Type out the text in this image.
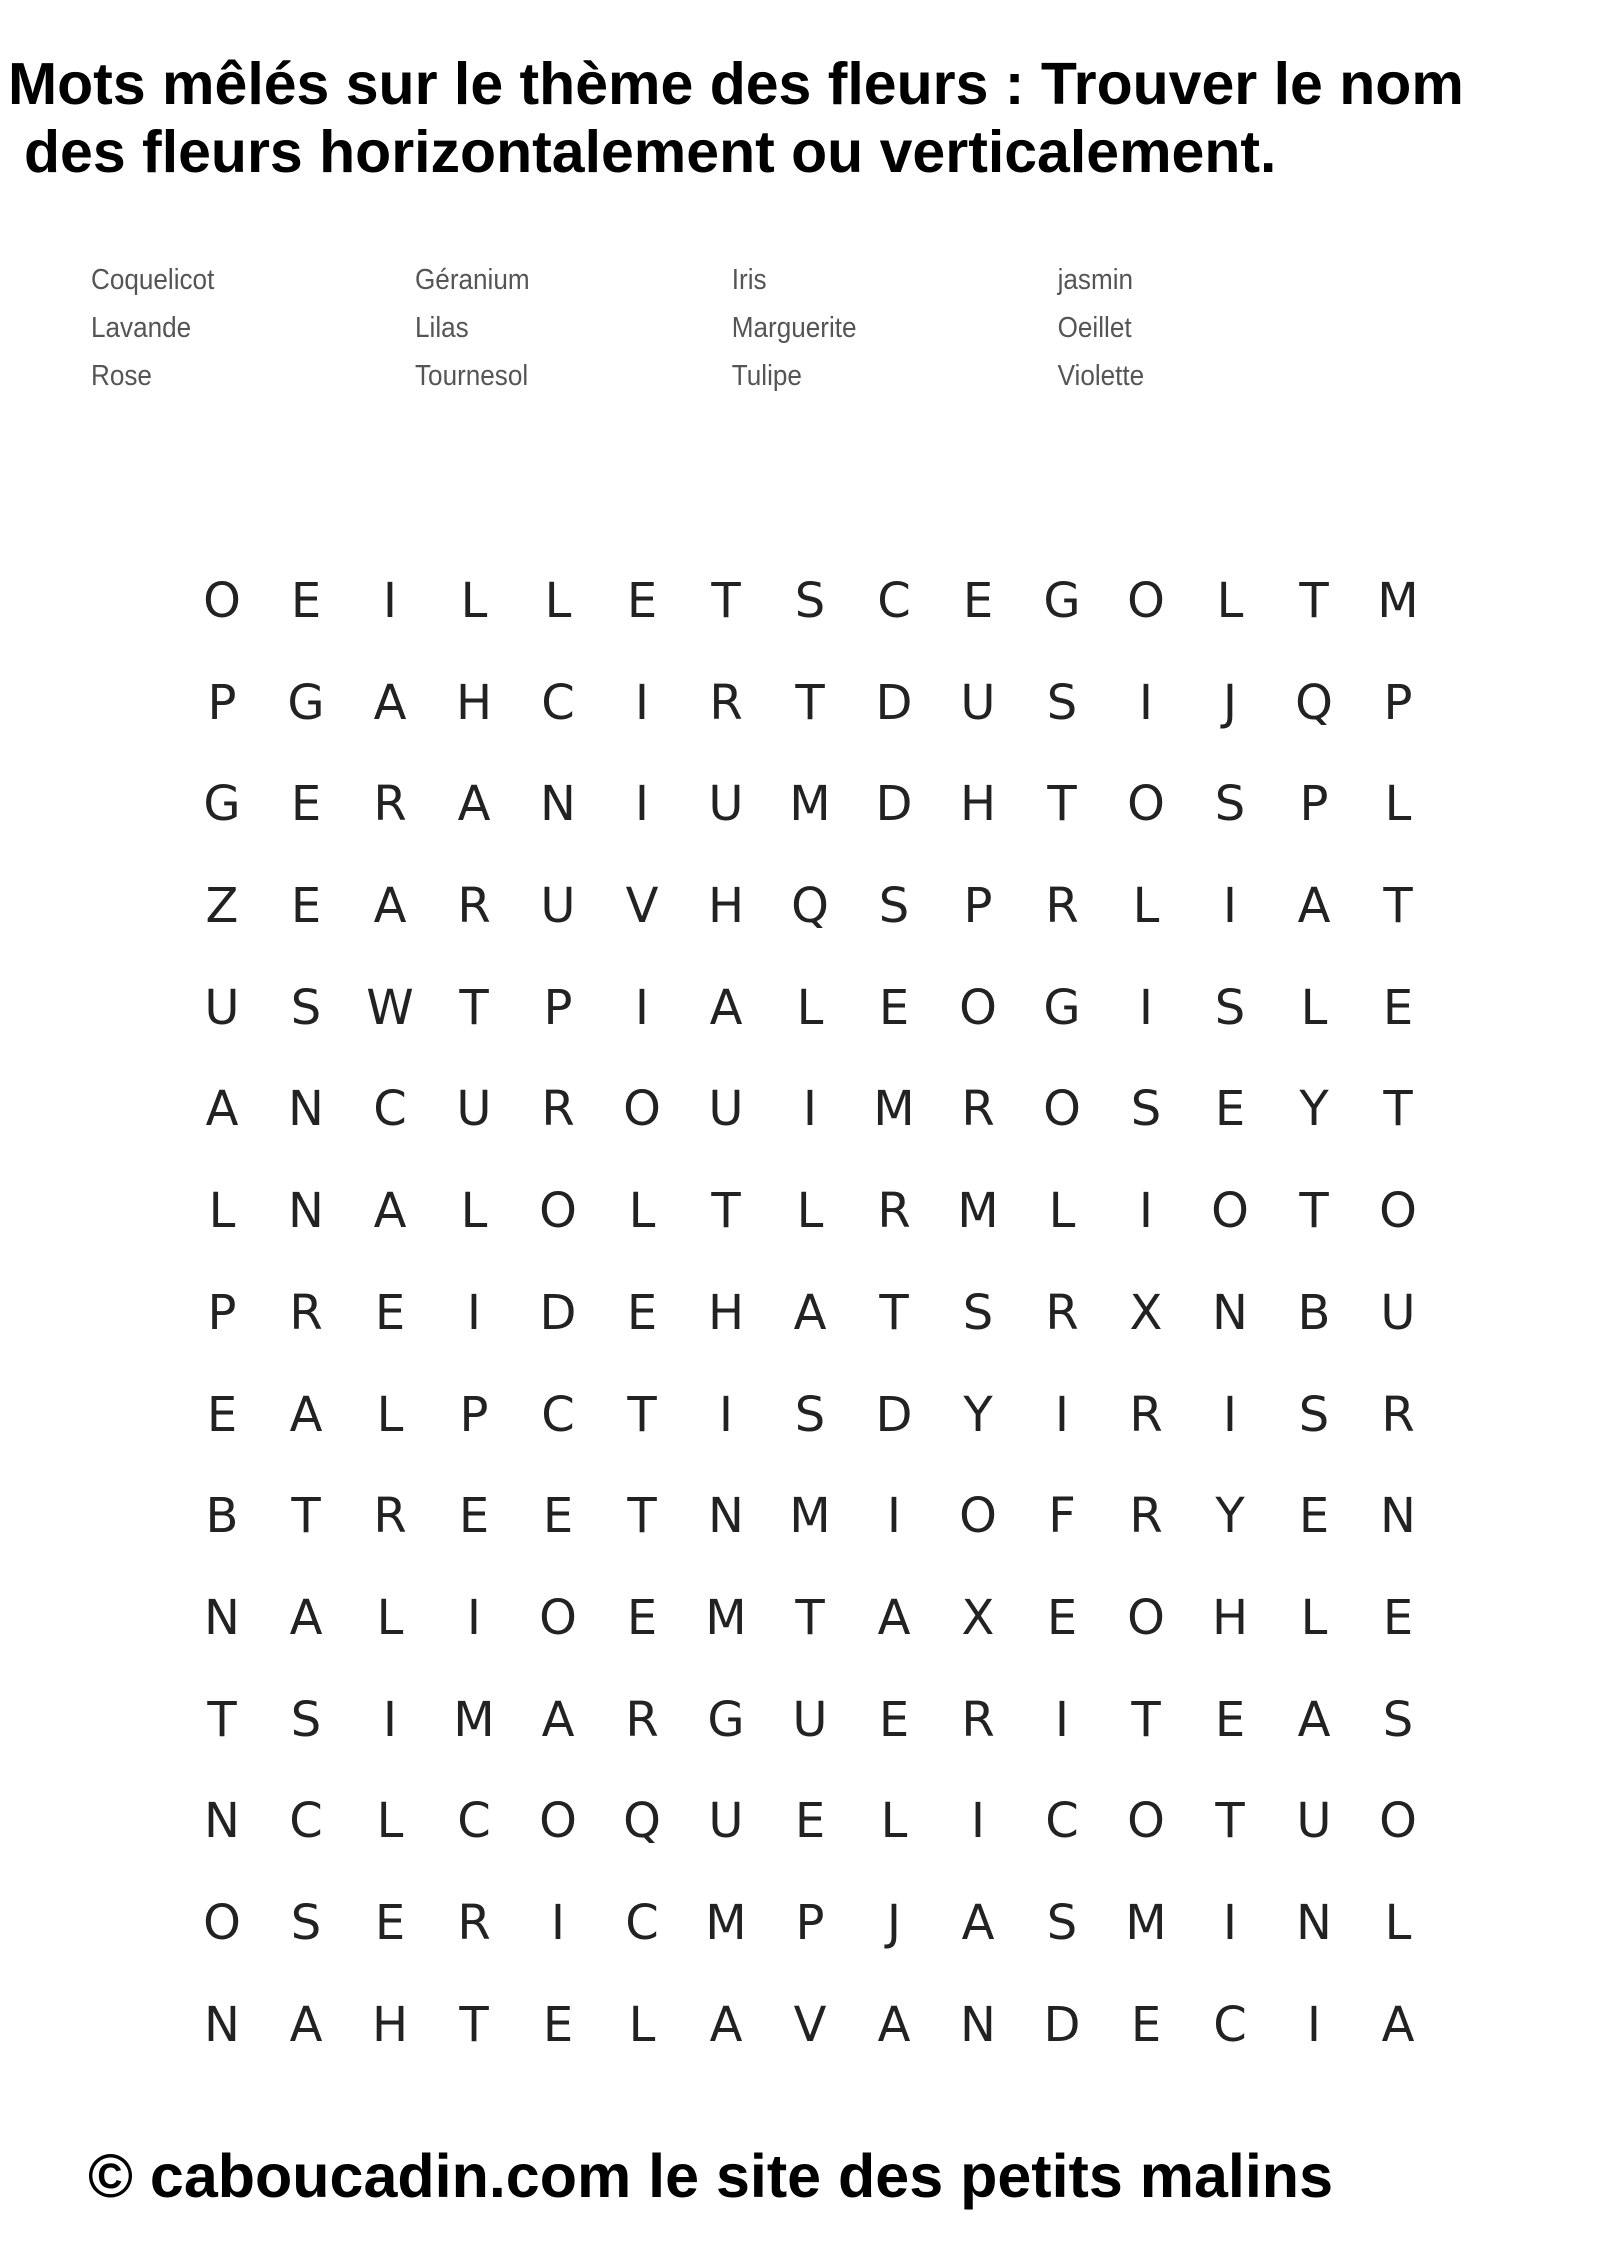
Mots mêlés sur le thème des fleurs : Trouver le nom
des fleurs horizontalement ou verticalement.
Coquelicot	Géranium	Iris	jasmin
Lavande	Lilas	Marguerite	Oeillet
Rose	Tournesol	Tulipe	Violette
O	E	I	L	L	E	T	S	C	E	G O	L	T	M
P	G	A	H	C	I	R	T	D U	S	I	J	Q	P
G	E	R	A	N	I	U M D H	T	O	S	P	L
Z	E	A	R	U	V	H Q	S	P	R	L	I	A	T
U	S W T	P	I	A	L	E	O G	I	S	L	E
A	N	C	U	R	O U	I	M R	O	S	E	Y	T
L	N	A	L	O	L	T	L	R M	L	I	O	T	O
P	R	E	I	D	E	H	A	T	S	R	X	N	B	U
E	A	L	P	C	T	I	S	D	Y	I	R	I	S	R
B	T	R	E	E	T	N M	I	O	F	R	Y	E	N
N	A	L	I	O	E	M	T	A	X	E	O H	L	E
T	S	I	M A	R	G U	E	R	I	T	E	A	S
N	C	L	C	O Q U	E	L	I	C	O	T	U O
O	S	E	R	I	C M	P	J	A	S	M	I	N	L
N	A	H	T	E	L	A	V	A	N D	E	C	I	A
© caboucadin.com le site des petits malins
